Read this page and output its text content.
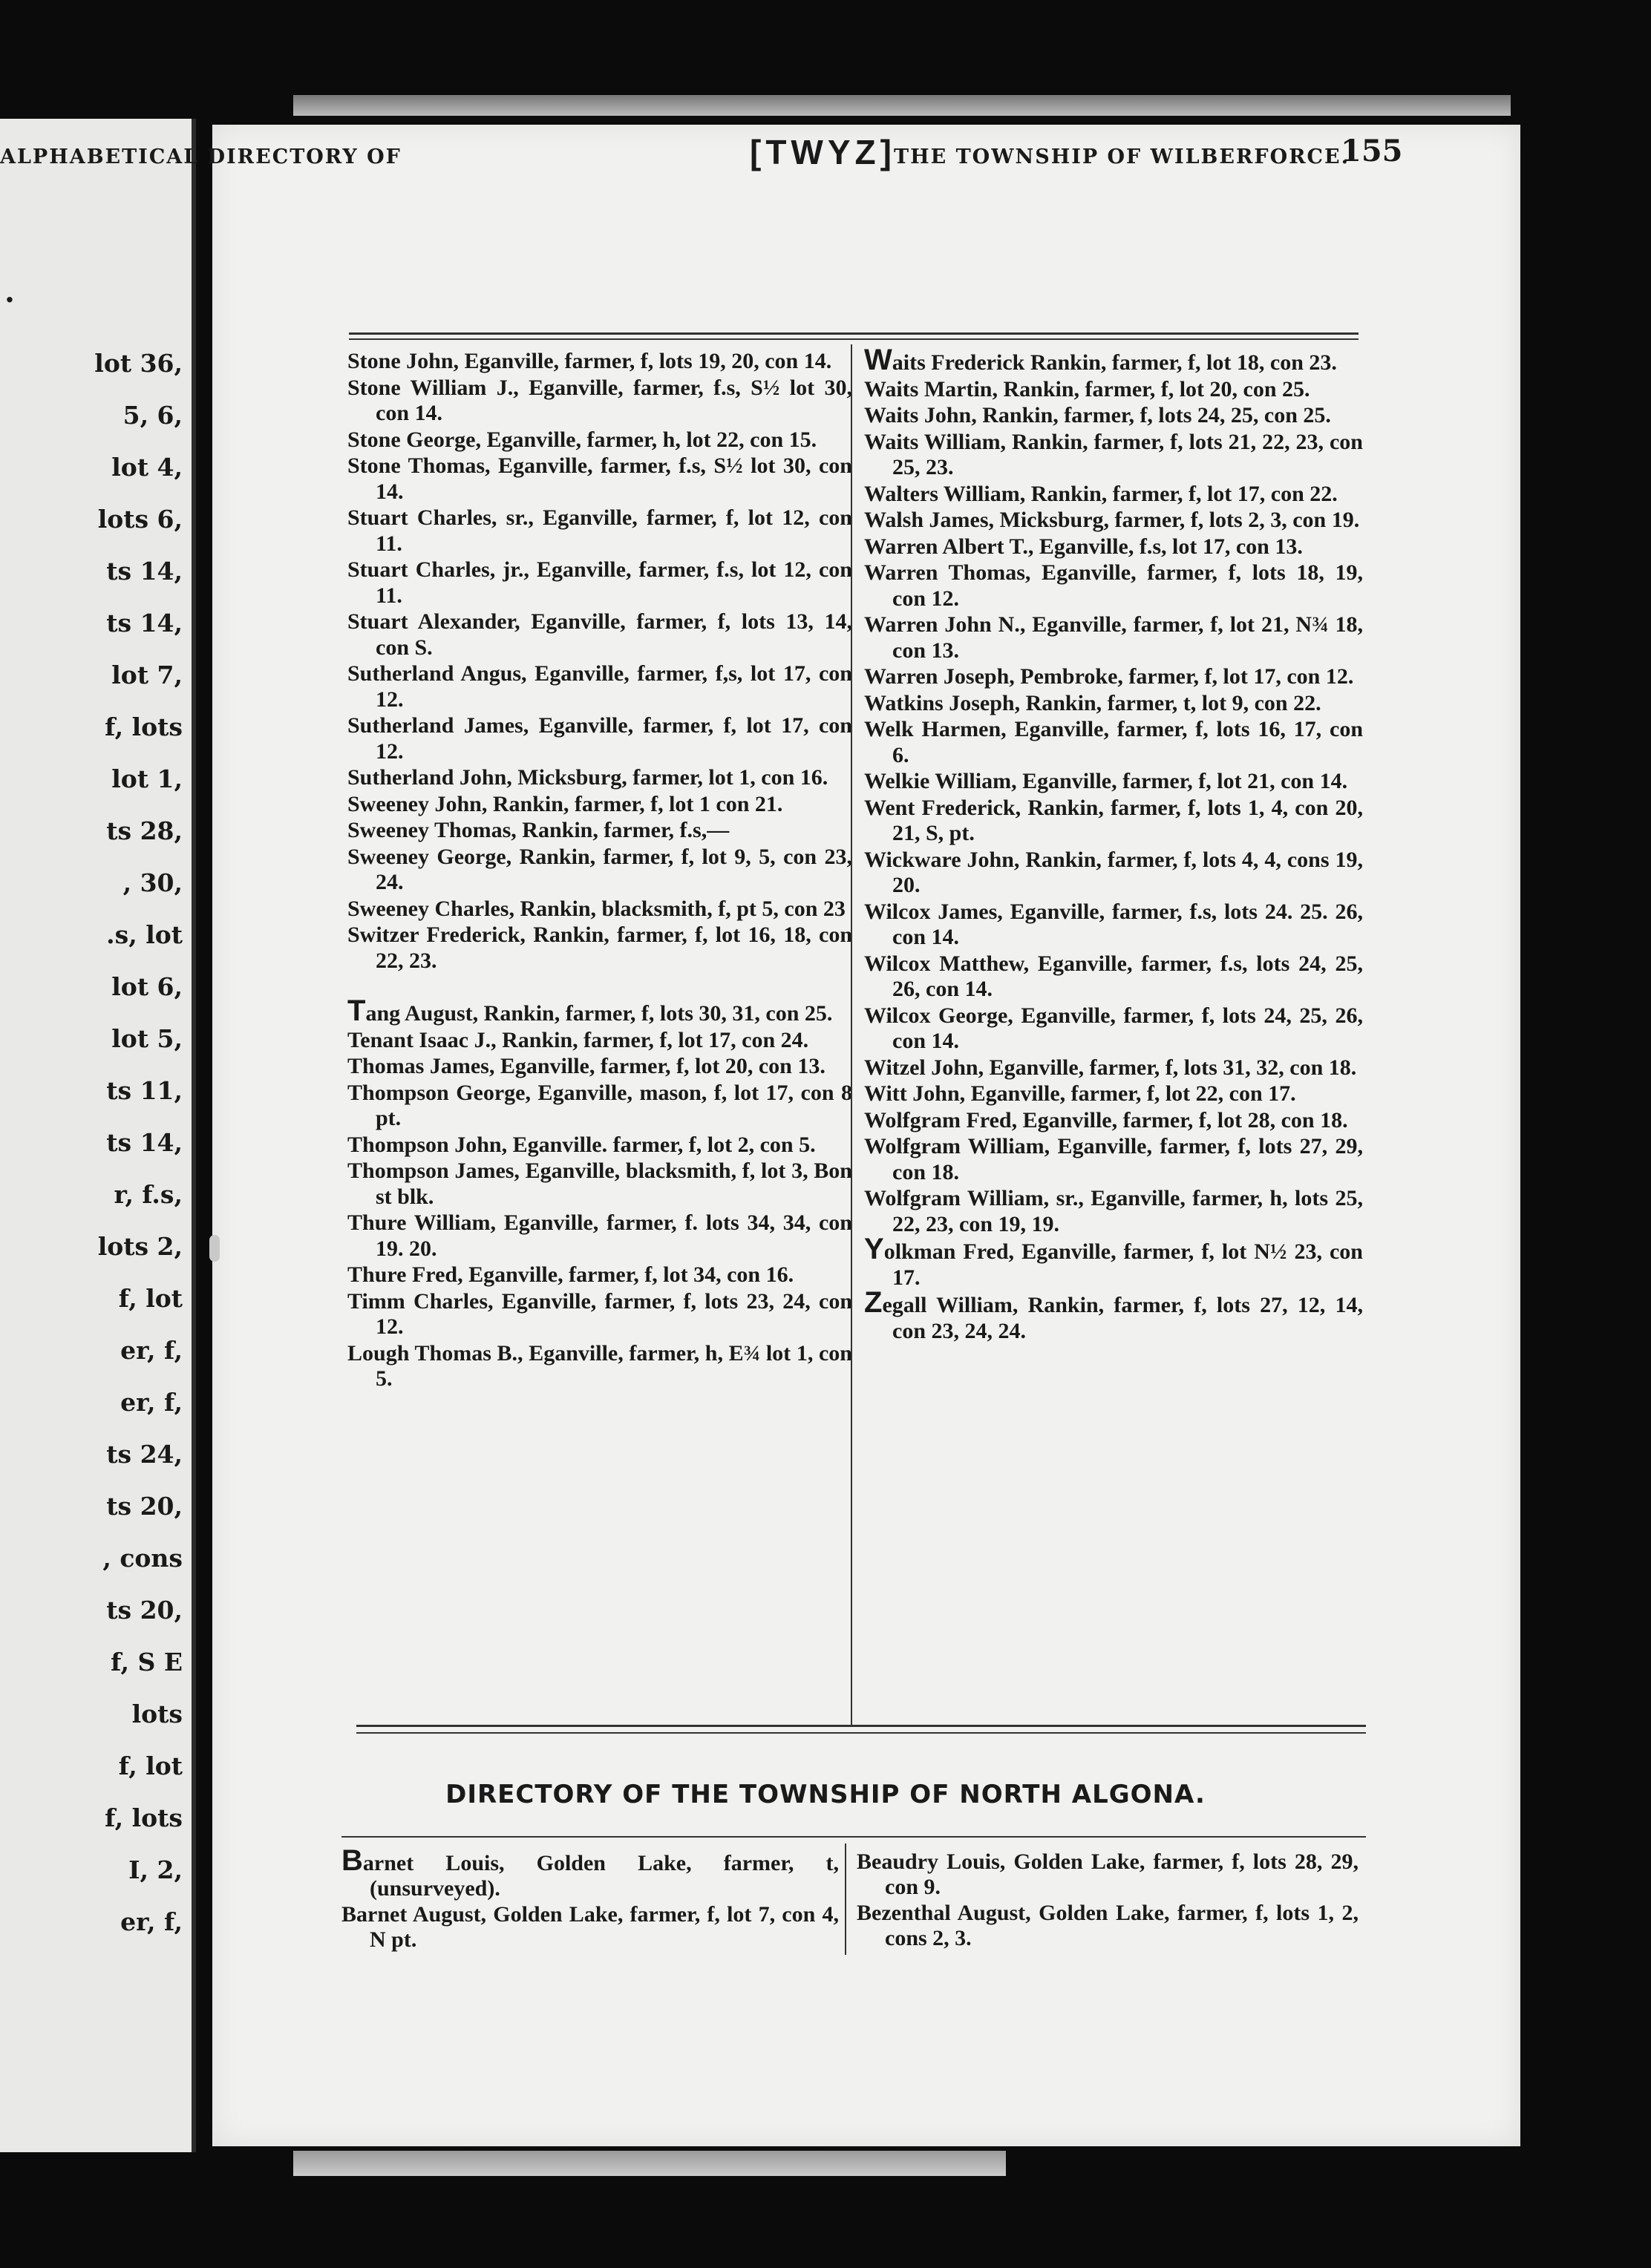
.
lot 36,
5, 6,
lot 4,
lots 6,
ts 14,
ts 14,
lot 7,
f, lots
lot 1,
ts 28,
, 30,
.s, lot
lot 6,
lot 5,
ts 11,
ts 14,
r, f.s,
lots 2,
f, lot
er, f,
er, f,
ts 24,
ts 20,
, cons
ts 20,
f, S E
lots
f, lot
f, lots
I, 2,
er, f,
ALPHABETICAL DIRECTORY OF	[TWYZ]
THE TOWNSHIP OF WILBERFORCE.
155
Stone John, Eganville, farmer, f, lots 19, 20, con 14.
Stone William J., Eganville, farmer, f.s, S½ lot 30, con 14.
Stone George, Eganville, farmer, h, lot 22, con 15.
Stone Thomas, Eganville, farmer, f.s, S½ lot 30, con 14.
Stuart Charles, sr., Eganville, farmer, f, lot 12, con 11.
Stuart Charles, jr., Eganville, farmer, f.s, lot 12, con 11.
Stuart Alexander, Eganville, farmer, f, lots 13, 14, con S.
Sutherland Angus, Eganville, farmer, f,s, lot 17, con 12.
Sutherland James, Eganville, farmer, f, lot 17, con 12.
Sutherland John, Micksburg, farmer, lot 1, con 16.
Sweeney John, Rankin, farmer, f, lot 1 con 21.
Sweeney Thomas, Rankin, farmer, f.s,—
Sweeney George, Rankin, farmer, f, lot 9, 5, con 23, 24.
Sweeney Charles, Rankin, blacksmith, f, pt 5, con 23
Switzer Frederick, Rankin, farmer, f, lot 16, 18, con 22, 23.
Tang August, Rankin, farmer, f, lots 30, 31, con 25.
Tenant Isaac J., Rankin, farmer, f, lot 17, con 24.
Thomas James, Eganville, farmer, f, lot 20, con 13.
Thompson George, Eganville, mason, f, lot 17, con 8 pt.
Thompson John, Eganville. farmer, f, lot 2, con 5.
Thompson James, Eganville, blacksmith, f, lot 3, Bon st blk.
Thure William, Eganville, farmer, f. lots 34, 34, con 19. 20.
Thure Fred, Eganville, farmer, f, lot 34, con 16.
Timm Charles, Eganville, farmer, f, lots 23, 24, con 12.
Lough Thomas B., Eganville, farmer, h, E¾ lot 1, con 5.
Waits Frederick Rankin, farmer, f, lot 18, con 23.
Waits Martin, Rankin, farmer, f, lot 20, con 25.
Waits John, Rankin, farmer, f, lots 24, 25, con 25.
Waits William, Rankin, farmer, f, lots 21, 22, 23, con 25, 23.
Walters William, Rankin, farmer, f, lot 17, con 22.
Walsh James, Micksburg, farmer, f, lots 2, 3, con 19.
Warren Albert T., Eganville, f.s, lot 17, con 13.
Warren Thomas, Eganville, farmer, f, lots 18, 19, con 12.
Warren John N., Eganville, farmer, f, lot 21, N¾ 18, con 13.
Warren Joseph, Pembroke, farmer, f, lot 17, con 12.
Watkins Joseph, Rankin, farmer, t, lot 9, con 22.
Welk Harmen, Eganville, farmer, f, lots 16, 17, con 6.
Welkie William, Eganville, farmer, f, lot 21, con 14.
Went Frederick, Rankin, farmer, f, lots 1, 4, con 20, 21, S, pt.
Wickware John, Rankin, farmer, f, lots 4, 4, cons 19, 20.
Wilcox James, Eganville, farmer, f.s, lots 24. 25. 26, con 14.
Wilcox Matthew, Eganville, farmer, f.s, lots 24, 25, 26, con 14.
Wilcox George, Eganville, farmer, f, lots 24, 25, 26, con 14.
Witzel John, Eganville, farmer, f, lots 31, 32, con 18.
Witt John, Eganville, farmer, f, lot 22, con 17.
Wolfgram Fred, Eganville, farmer, f, lot 28, con 18.
Wolfgram William, Eganville, farmer, f, lots 27, 29, con 18.
Wolfgram William, sr., Eganville, farmer, h, lots 25, 22, 23, con 19, 19.
Yolkman Fred, Eganville, farmer, f, lot N½ 23, con 17.
Zegall William, Rankin, farmer, f, lots 27, 12, 14, con 23, 24, 24.
DIRECTORY OF THE TOWNSHIP OF NORTH ALGONA.
Barnet Louis, Golden Lake, farmer, t, (unsurveyed).
Barnet August, Golden Lake, farmer, f, lot 7, con 4, N pt.
Beaudry Louis, Golden Lake, farmer, f, lots 28, 29, con 9.
Bezenthal August, Golden Lake, farmer, f, lots 1, 2, cons 2, 3.
